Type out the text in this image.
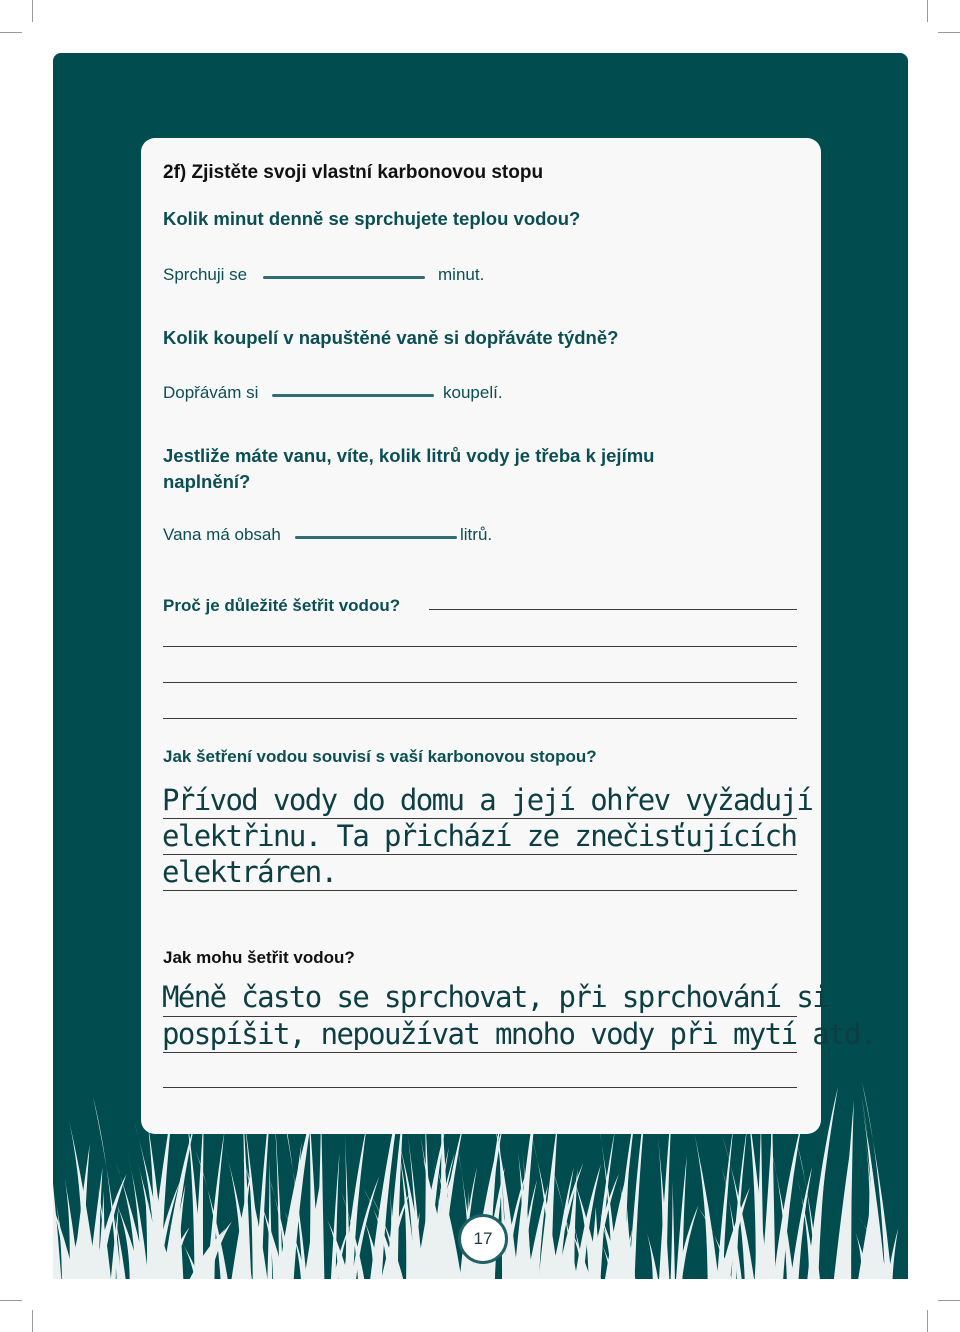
2f) Zjistěte svoji vlastní karbonovou stopu
Kolik minut denně se sprchujete teplou vodou?
Sprchuji se	minut.
Kolik koupelí v napuštěné vaně si dopřáváte týdně?
Dopřávám si	koupelí.
Jestliže máte vanu, víte, kolik litrů vody je třeba k jejímu
naplnění?
Vana má obsah	litrů.
Proč je důležité šetřit vodou?
Jak šetření vodou souvisí s vaší karbonovou stopou?
Přívod vody do domu a její ohřev vyžadují
elektřinu. Ta přichází ze znečisťujících
elektráren.
Jak mohu šetřit vodou?
Méně často se sprchovat, při sprchování si
pospíšit, nepoužívat mnoho vody při mytí atd.
17
